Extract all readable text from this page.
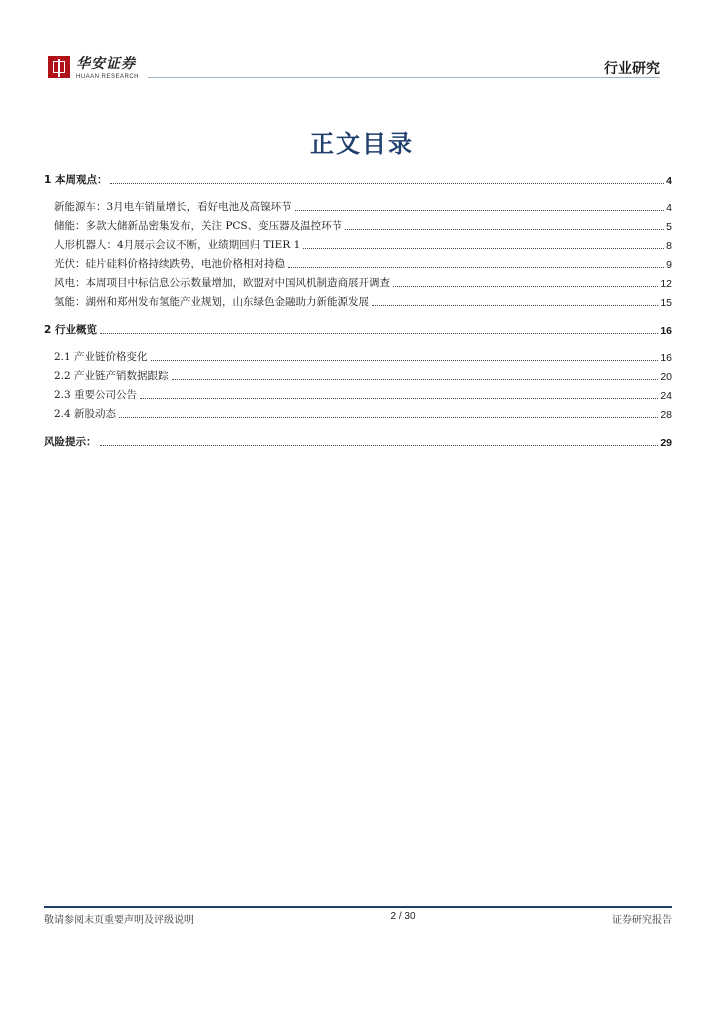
华安证券
HUAAN RESEARCH	行业研究
正文目录
1 本周观点：	4
新能源车：3月电车销量增长，看好电池及高镍环节	4
储能：多款大储新品密集发布，关注 PCS、变压器及温控环节	5
人形机器人：4月展示会议不断，业绩期回归 TIER 1	8
光伏：硅片硅料价格持续跌势，电池价格相对持稳	9
风电：本周项目中标信息公示数量增加，欧盟对中国风机制造商展开调查	12
氢能：湖州和郑州发布氢能产业规划，山东绿色金融助力新能源发展	15
2 行业概览	16
2.1 产业链价格变化	16
2.2 产业链产销数据跟踪	20
2.3 重要公司公告	24
2.4 新股动态	28
风险提示：	29
敬请参阅末页重要声明及评级说明	2 / 30	证券研究报告
